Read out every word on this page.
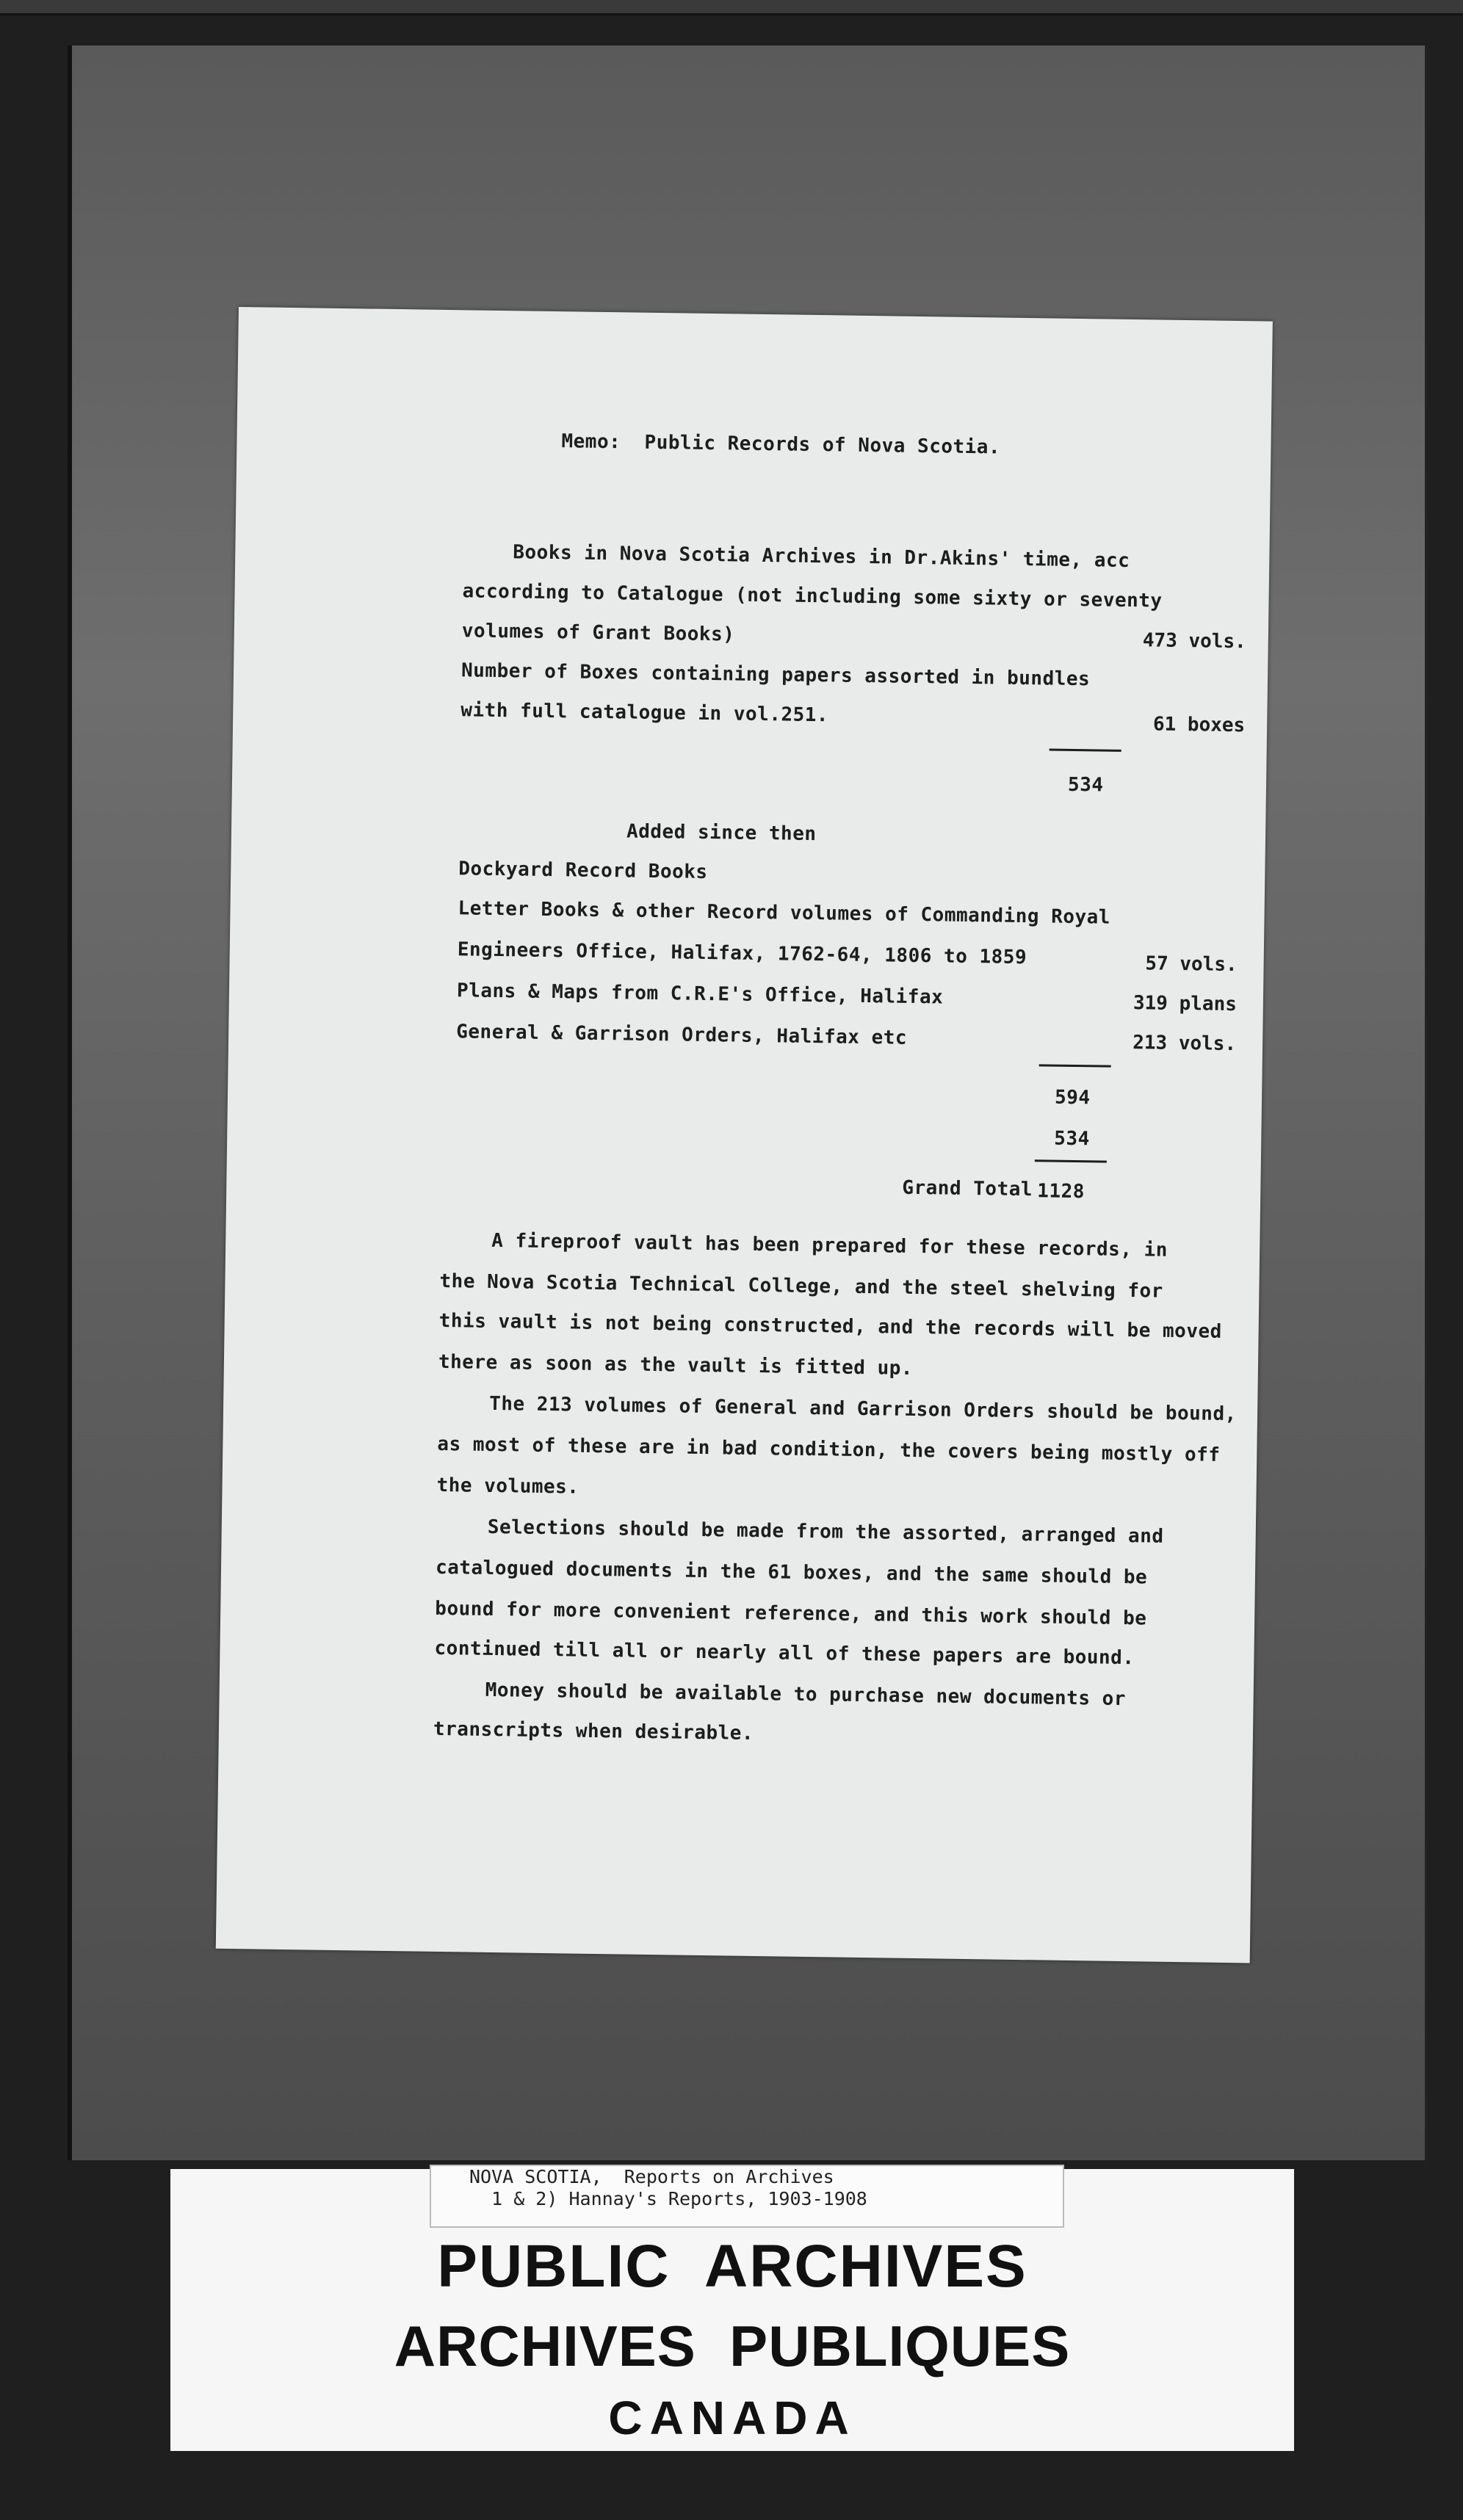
Memo:  Public Records of Nova Scotia.
Books in Nova Scotia Archives in Dr.Akins' time, acc
according to Catalogue (not including some sixty or seventy
volumes of Grant Books)	473 vols.
Number of Boxes containing papers assorted in bundles
with full catalogue in vol.251.	61 boxes
534
Added since then
Dockyard Record Books
Letter Books & other Record volumes of Commanding Royal
Engineers Office, Halifax, 1762-64, 1806 to 1859	57 vols.
Plans & Maps from C.R.E's Office, Halifax	319 plans
General & Garrison Orders, Halifax etc	213 vols.
594
534
Grand Total 1128
A fireproof vault has been prepared for these records, in
the Nova Scotia Technical College, and the steel shelving for
this vault is not being constructed, and the records will be moved
there as soon as the vault is fitted up.
The 213 volumes of General and Garrison Orders should be bound,
as most of these are in bad condition, the covers being mostly off
the volumes.
Selections should be made from the assorted, arranged and
catalogued documents in the 61 boxes, and the same should be
bound for more convenient reference, and this work should be
continued till all or nearly all of these papers are bound.
Money should be available to purchase new documents or
transcripts when desirable.
NOVA SCOTIA,  Reports on Archives
1 & 2) Hannay's Reports, 1903-1908
PUBLIC  ARCHIVES
ARCHIVES  PUBLIQUES
CANADA
